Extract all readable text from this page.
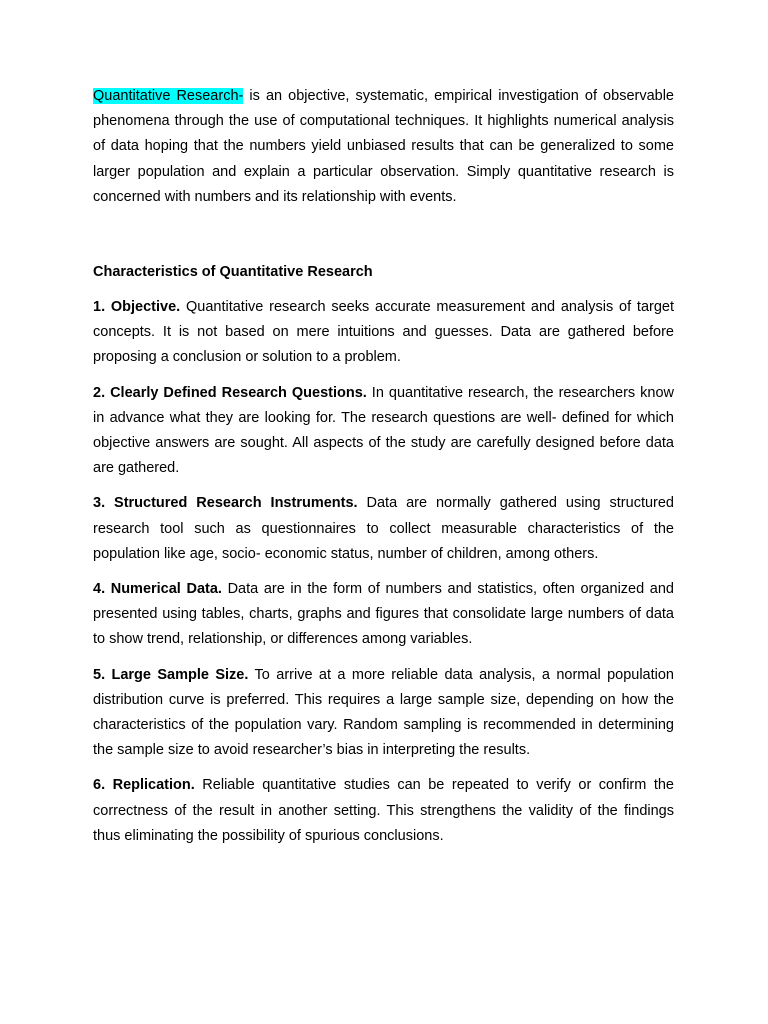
Quantitative Research- is an objective, systematic, empirical investigation of observable phenomena through the use of computational techniques. It highlights numerical analysis of data hoping that the numbers yield unbiased results that can be generalized to some larger population and explain a particular observation. Simply quantitative research is concerned with numbers and its relationship with events.

Characteristics of Quantitative Research

1. Objective. Quantitative research seeks accurate measurement and analysis of target concepts. It is not based on mere intuitions and guesses. Data are gathered before proposing a conclusion or solution to a problem.

2. Clearly Defined Research Questions. In quantitative research, the researchers know in advance what they are looking for. The research questions are well- defined for which objective answers are sought. All aspects of the study are carefully designed before data are gathered.

3. Structured Research Instruments. Data are normally gathered using structured research tool such as questionnaires to collect measurable characteristics of the population like age, socio- economic status, number of children, among others.

4. Numerical Data. Data are in the form of numbers and statistics, often organized and presented using tables, charts, graphs and figures that consolidate large numbers of data to show trend, relationship, or differences among variables.

5. Large Sample Size. To arrive at a more reliable data analysis, a normal population distribution curve is preferred. This requires a large sample size, depending on how the characteristics of the population vary. Random sampling is recommended in determining the sample size to avoid researcher’s bias in interpreting the results.

6. Replication. Reliable quantitative studies can be repeated to verify or confirm the correctness of the result in another setting. This strengthens the validity of the findings thus eliminating the possibility of spurious conclusions.
